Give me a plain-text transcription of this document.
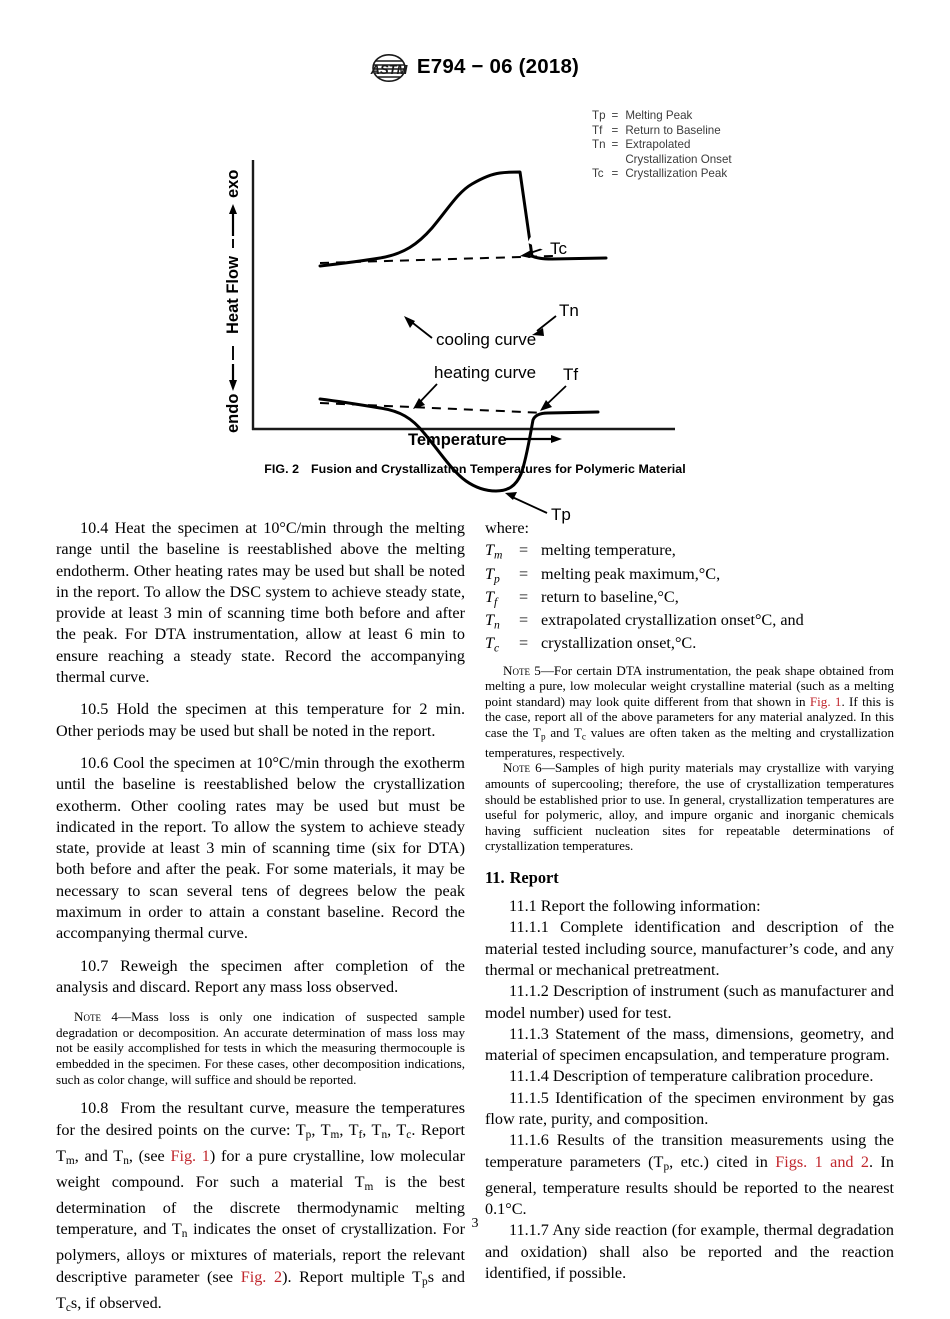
ASTM E794 − 06 (2018)
Tc
Tn
cooling curve
heating curve Tf
Tp
exo
Heat Flow
endo
Temperature
Tp	=	Melting Peak
Tf	=	Return to Baseline
Tn	=	Extrapolated
		Crystallization Onset
Tc	=	Crystallization Peak
FIG. 2 Fusion and Crystallization Temperatures for Polymeric Material

10.4 Heat the specimen at 10°C/min through the melting range until the baseline is reestablished above the melting endotherm. Other heating rates may be used but shall be noted in the report. To allow the DSC system to achieve steady state, provide at least 3 min of scanning time both before and after the peak. For DTA instrumentation, allow at least 6 min to ensure reaching a steady state. Record the accompanying thermal curve.

10.5 Hold the specimen at this temperature for 2 min. Other periods may be used but shall be noted in the report.

10.6 Cool the specimen at 10°C/min through the exotherm until the baseline is reestablished below the crystallization exotherm. Other cooling rates may be used but must be indicated in the report. To allow the system to achieve steady state, provide at least 3 min of scanning time (six for DTA) both before and after the peak. For some materials, it may be necessary to scan several tens of degrees below the peak maximum in order to attain a constant baseline. Record the accompanying thermal curve.

10.7 Reweigh the specimen after completion of the analysis and discard. Report any mass loss observed.

Note 4—Mass loss is only one indication of suspected sample degradation or decomposition. An accurate determination of mass loss may not be easily accomplished for tests in which the measuring thermocouple is embedded in the specimen. For these cases, other decomposition indications, such as color change, will suffice and should be reported.

10.8  From the resultant curve, measure the temperatures for the desired points on the curve: $T_p$, $T_m$, $T_f$, $T_n$, $T_c$. Report $T_m$, and $T_n$, (see Fig. 1) for a pure crystalline, low molecular weight compound. For such a material $T_m$ is the best determination of the discrete thermodynamic melting temperature, and $T_n$ indicates the onset of crystallization. For polymers, alloys or mixtures of materials, report the relevant descriptive parameter (see Fig. 2). Report multiple $T_ps$ and $T_cs$, if observed.

where:

$T_m$	=	melting temperature,
$T_p$	=	melting peak maximum,°C,
$T_f$	=	return to baseline,°C,
$T_n$	=	extrapolated crystallization onset°C, and
$T_c$	=	crystallization onset,°C.

Note 5—For certain DTA instrumentation, the peak shape obtained from melting a pure, low molecular weight crystalline material (such as a melting point standard) may look quite different from that shown in Fig. 1. If this is the case, report all of the above parameters for any material analyzed. In this case the $T_p$ and $T_c$ values are often taken as the melting and crystallization temperatures, respectively.

Note 6—Samples of high purity materials may crystallize with varying amounts of supercooling; therefore, the use of crystallization temperatures should be established prior to use. In general, crystallization temperatures are useful for polymeric, alloy, and impure organic and inorganic chemicals having sufficient nucleation sites for repeatable determinations of crystallization temperatures.

11. Report

11.1 Report the following information:

11.1.1 Complete identification and description of the material tested including source, manufacturer’s code, and any thermal or mechanical pretreatment.

11.1.2 Description of instrument (such as manufacturer and model number) used for test.

11.1.3 Statement of the mass, dimensions, geometry, and material of specimen encapsulation, and temperature program.

11.1.4 Description of temperature calibration procedure.

11.1.5 Identification of the specimen environment by gas flow rate, purity, and composition.

11.1.6 Results of the transition measurements using the temperature parameters ($T_p$, etc.) cited in Figs. 1 and 2. In general, temperature results should be reported to the nearest 0.1°C.

11.1.7 Any side reaction (for example, thermal degradation and oxidation) shall also be reported and the reaction identified, if possible.

3
